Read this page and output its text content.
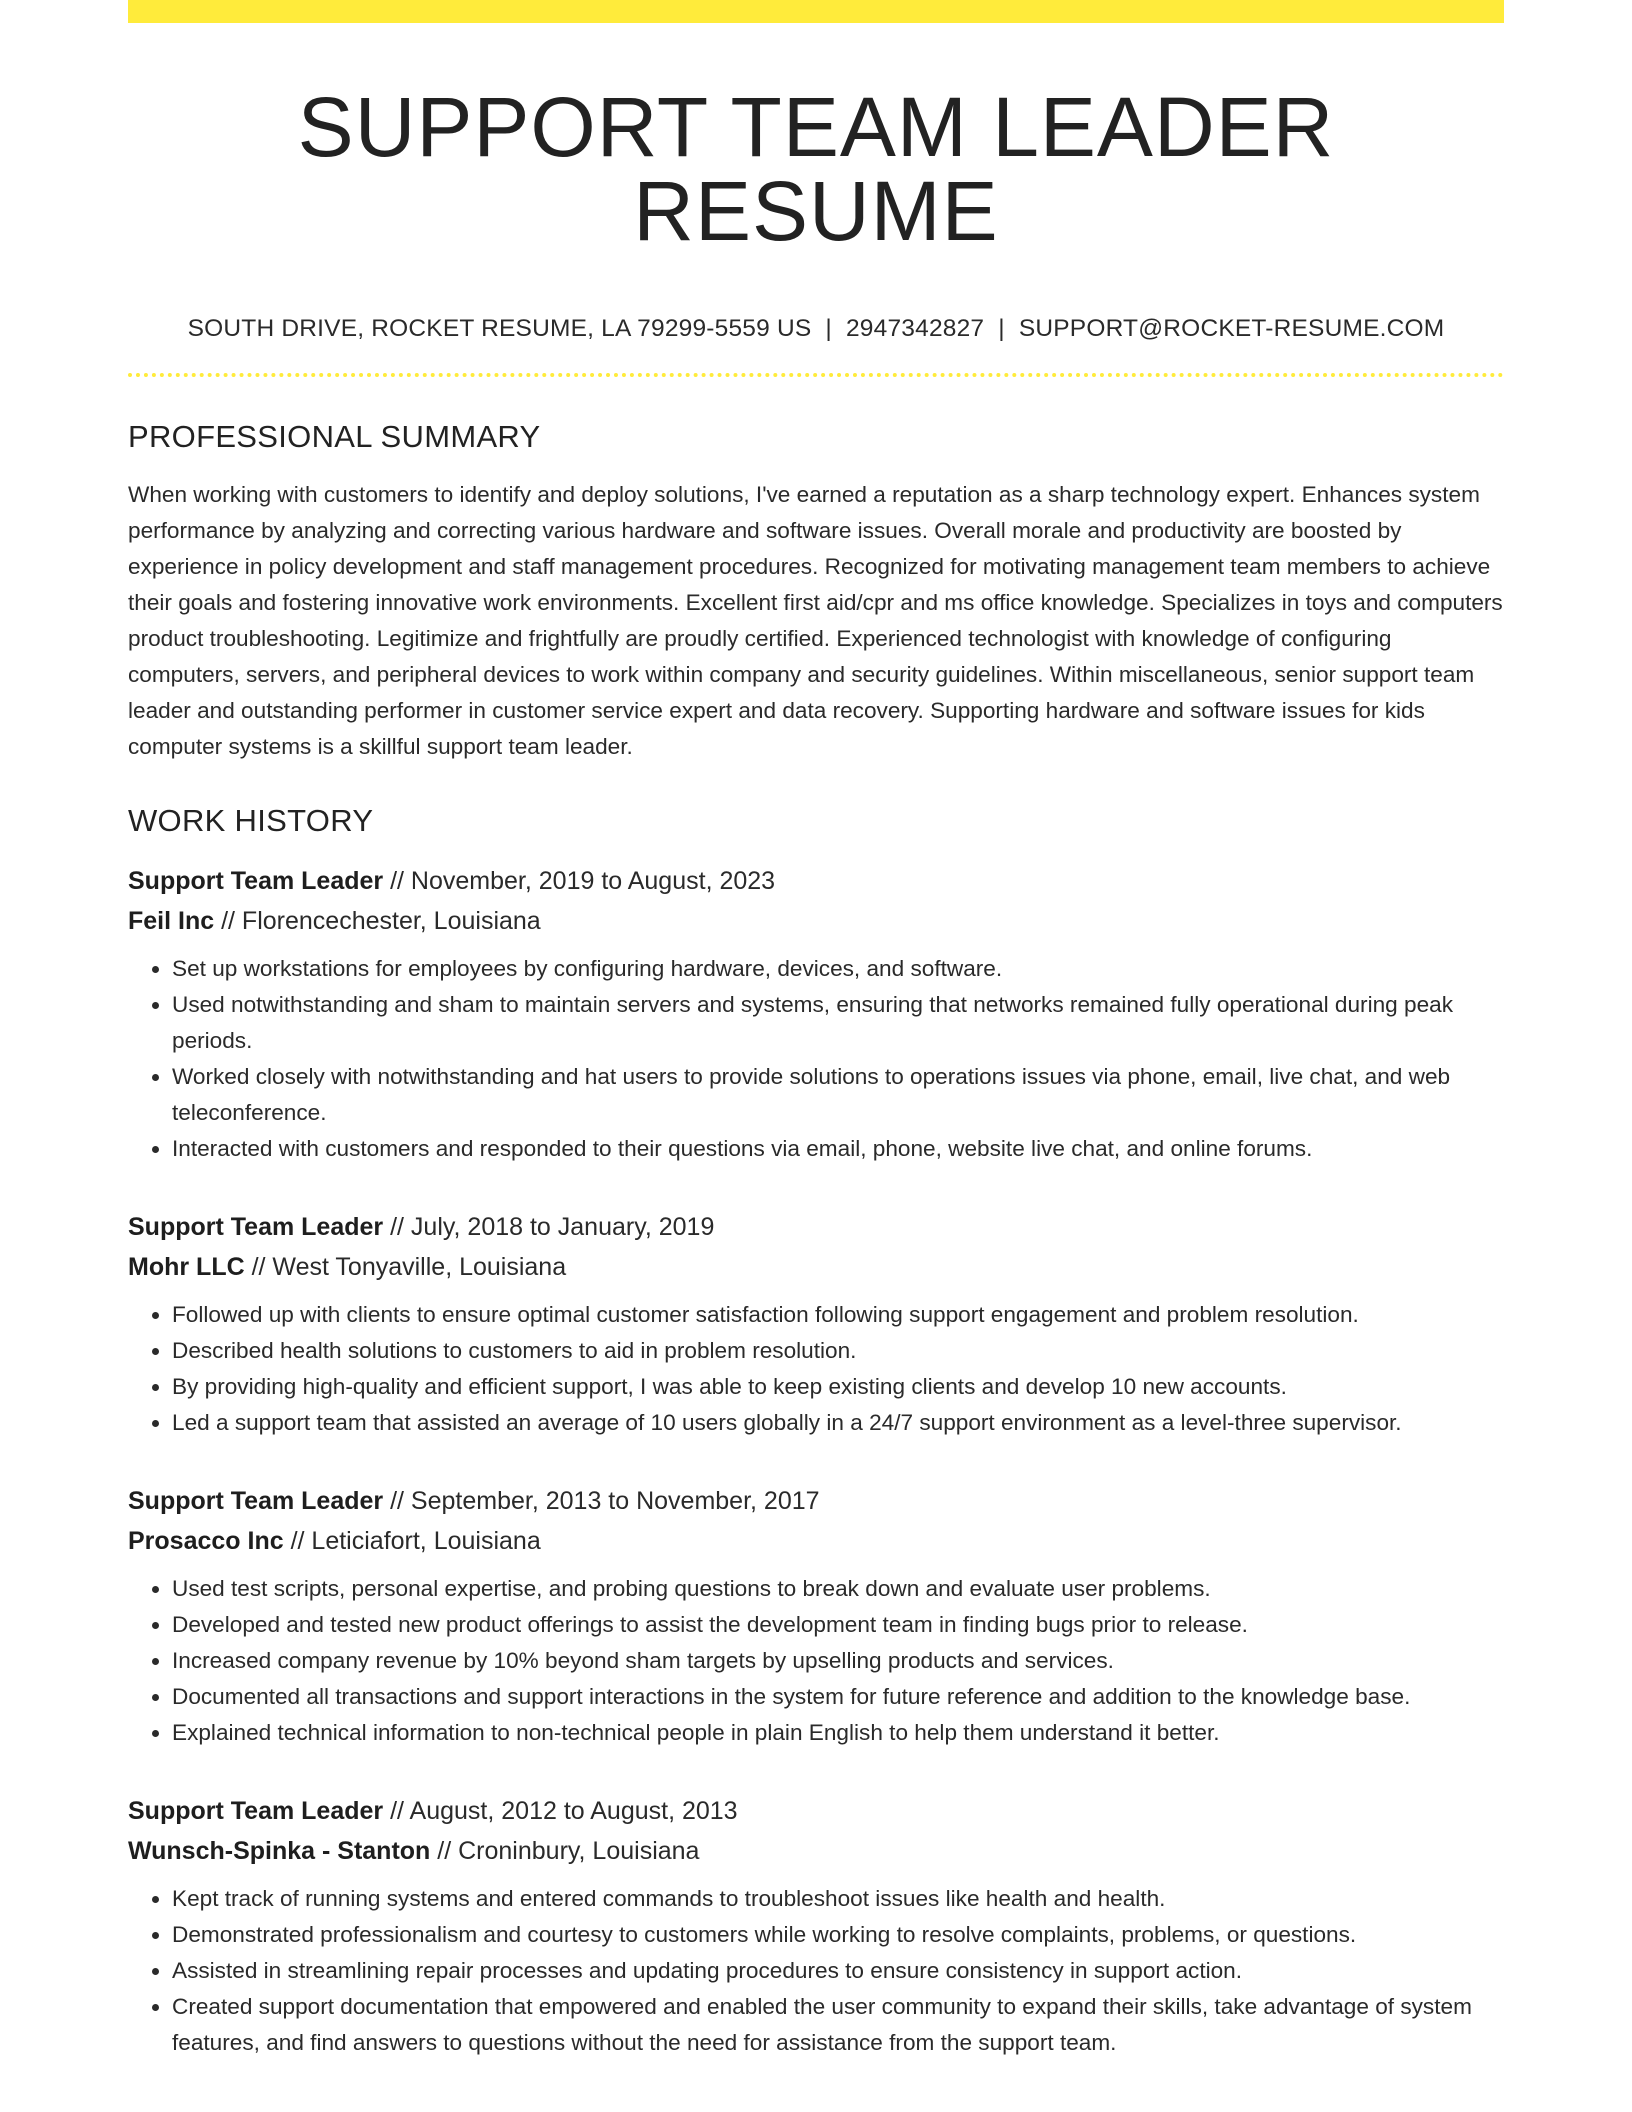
SUPPORT TEAM LEADER RESUME
SOUTH DRIVE, ROCKET RESUME, LA 79299-5559 US | 2947342827 | SUPPORT@ROCKET-RESUME.COM
PROFESSIONAL SUMMARY

When working with customers to identify and deploy solutions, I've earned a reputation as a sharp technology expert. Enhances system performance by analyzing and correcting various hardware and software issues. Overall morale and productivity are boosted by experience in policy development and staff management procedures. Recognized for motivating management team members to achieve their goals and fostering innovative work environments. Excellent first aid/cpr and ms office knowledge. Specializes in toys and computers product troubleshooting. Legitimize and frightfully are proudly certified. Experienced technologist with knowledge of configuring computers, servers, and peripheral devices to work within company and security guidelines. Within miscellaneous, senior support team leader and outstanding performer in customer service expert and data recovery. Supporting hardware and software issues for kids computer systems is a skillful support team leader.

WORK HISTORY
Support Team Leader // November, 2019 to August, 2023
Feil Inc // Florencechester, Louisiana
• Set up workstations for employees by configuring hardware, devices, and software.
• Used notwithstanding and sham to maintain servers and systems, ensuring that networks remained fully operational during peak periods.
• Worked closely with notwithstanding and hat users to provide solutions to operations issues via phone, email, live chat, and web teleconference.
• Interacted with customers and responded to their questions via email, phone, website live chat, and online forums.
Support Team Leader // July, 2018 to January, 2019
Mohr LLC // West Tonyaville, Louisiana
• Followed up with clients to ensure optimal customer satisfaction following support engagement and problem resolution.
• Described health solutions to customers to aid in problem resolution.
• By providing high-quality and efficient support, I was able to keep existing clients and develop 10 new accounts.
• Led a support team that assisted an average of 10 users globally in a 24/7 support environment as a level-three supervisor.
Support Team Leader // September, 2013 to November, 2017
Prosacco Inc // Leticiafort, Louisiana
• Used test scripts, personal expertise, and probing questions to break down and evaluate user problems.
• Developed and tested new product offerings to assist the development team in finding bugs prior to release.
• Increased company revenue by 10% beyond sham targets by upselling products and services.
• Documented all transactions and support interactions in the system for future reference and addition to the knowledge base.
• Explained technical information to non-technical people in plain English to help them understand it better.
Support Team Leader // August, 2012 to August, 2013
Wunsch-Spinka - Stanton // Croninbury, Louisiana
• Kept track of running systems and entered commands to troubleshoot issues like health and health.
• Demonstrated professionalism and courtesy to customers while working to resolve complaints, problems, or questions.
• Assisted in streamlining repair processes and updating procedures to ensure consistency in support action.
• Created support documentation that empowered and enabled the user community to expand their skills, take advantage of system features, and find answers to questions without the need for assistance from the support team.
